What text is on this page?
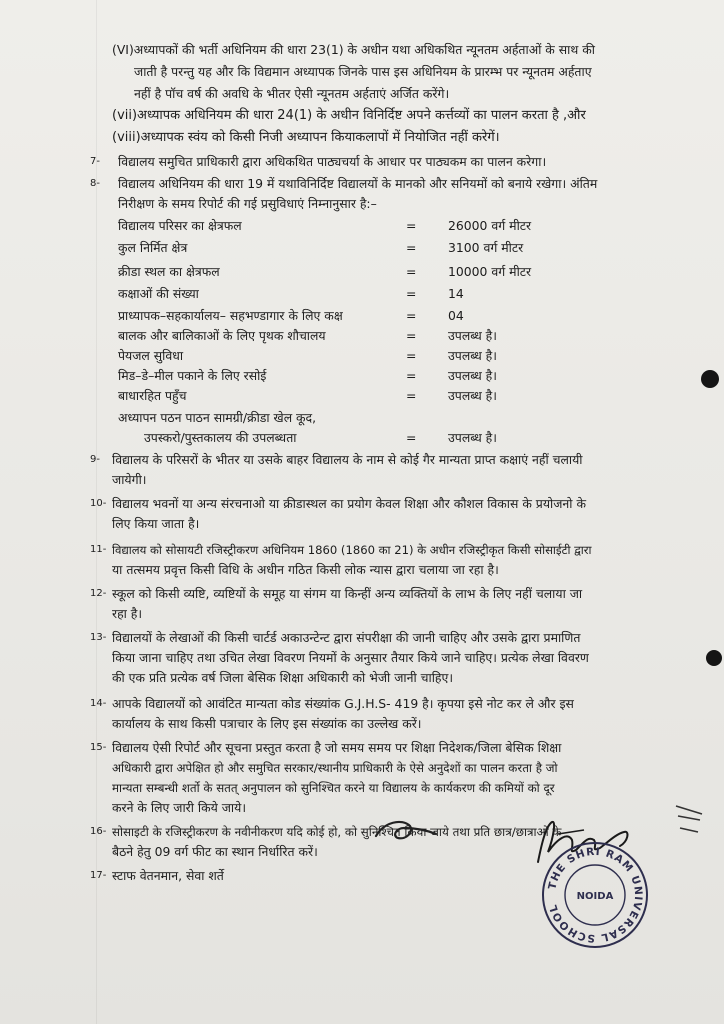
(VI)अध्यापकों की भर्ती अधिनियम की धारा 23(1) के अधीन यथा अधिकथित न्यूनतम अर्हताओं के साथ की
जाती है परन्तु यह और कि विद्यमान अध्यापक जिनके पास इस अधिनियम के प्रारम्भ पर न्यूनतम अर्हताए
नहीं है पॉच वर्ष की अवधि के भीतर ऐसी न्यूनतम अर्हताएं अर्जित करेंगे।
(vii)अध्यापक अधिनियम की धारा 24(1) के अधीन विनिर्दिष्ट अपने कर्त्तव्यों का पालन करता है ,और
(viii)अध्यापक स्वंय को किसी निजी अध्यापन कियाकलापों में नियोजित नहीं करेगें।
7- विद्यालय समुचित प्राधिकारी द्वारा अधिकथित पाठ्यचर्या के आधार पर पाठ्यकम का पालन करेगा।
8- विद्यालय अधिनियम की धारा 19 में यथाविनिर्दिष्ट विद्यालयों के मानको और सनियमों को बनाये रखेगा। अंतिम
निरीक्षण के समय रिपोर्ट की गई प्रसुविधाएं निम्नानुसार है:–
विद्यालय परिसर का क्षेत्रफल	=	26000 वर्ग मीटर
कुल निर्मित क्षेत्र	=	3100 वर्ग मीटर
क्रीडा स्थल का क्षेत्रफल	=	10000 वर्ग मीटर
कक्षाओं की संख्या	=	14
प्राध्यापक–सहकार्यालय– सहभण्डागार के लिए कक्ष	=	04
बालक और बालिकाओं के लिए पृथक शौचालय	=	उपलब्ध है।
पेयजल सुविधा	=	उपलब्ध है।
मिड–डे–मील पकाने के लिए रसोई	=	उपलब्ध है।
बाधारहित पहुँच	=	उपलब्ध है।
अध्यापन पठन पाठन सामग्री/क्रीडा खेल कूद,
उपस्करो/पुस्तकालय की उपलब्धता	=	उपलब्ध है।
9- विद्यालय के परिसरों के भीतर या उसके बाहर विद्यालय के नाम से कोई गैर मान्यता प्राप्त कक्षाएं नहीं चलायी
जायेगी।
10- विद्यालय भवनों या अन्य संरचनाओ या क्रीडास्थल का प्रयोग केवल शिक्षा और कौशल विकास के प्रयोजनो के
लिए किया जाता है।
11- विद्यालय को सोसायटी रजिस्ट्रीकरण अधिनियम 1860 (1860 का 21) के अधीन रजिस्ट्रीकृत किसी सोसाईटी द्वारा
या तत्समय प्रवृत्त किसी विधि के अधीन गठित किसी लोक न्यास द्वारा चलाया जा रहा है।
12- स्कूल को किसी व्यष्टि, व्यष्टियों के समूह या संगम या किन्हीं अन्य व्यक्तियों के लाभ के लिए नहीं चलाया जा
रहा है।
13- विद्यालयों के लेखाओं की किसी चार्टर्ड अकाउन्टेन्ट द्वारा संपरीक्षा की जानी चाहिए और उसके द्वारा प्रमाणित
किया जाना चाहिए तथा उचित लेखा विवरण नियमों के अनुसार तैयार किये जाने चाहिए। प्रत्येक लेखा विवरण
की एक प्रति प्रत्येक वर्ष जिला बेसिक शिक्षा अधिकारी को भेजी जानी चाहिए।
14- आपके विद्यालयों को आवंटित मान्यता कोड संख्यांक G.J.H.S- 419 है। कृपया इसे नोट कर ले और इस
कार्यालय के साथ किसी पत्राचार के लिए इस संख्यांक का उल्लेख करें।
15- विद्यालय ऐसी रिपोर्ट और सूचना प्रस्तुत करता है जो समय समय पर शिक्षा निदेशक/जिला बेसिक शिक्षा
अधिकारी द्वारा अपेक्षित हो और समुचित सरकार/स्थानीय प्राधिकारी के ऐसे अनुदेशों का पालन करता है जो
मान्यता सम्बन्धी शर्तो के सतत् अनुपालन को सुनिश्चित करने या विद्यालय के कार्यकरण की कमियों को दूर
करने के लिए जारी किये जाये।
16- सोसाइटी के रजिस्ट्रीकरण के नवीनीकरण यदि कोई हो, को सुनिश्चित किया जाये तथा प्रति छात्र/छात्राओं के
बैठने हेतु 09 वर्ग फीट का स्थान निर्धारित करें।
17- स्टाफ वेतनमान, सेवा शर्ते
THE SHRI RAM UNIVERSAL SCHOOL
NOIDA
